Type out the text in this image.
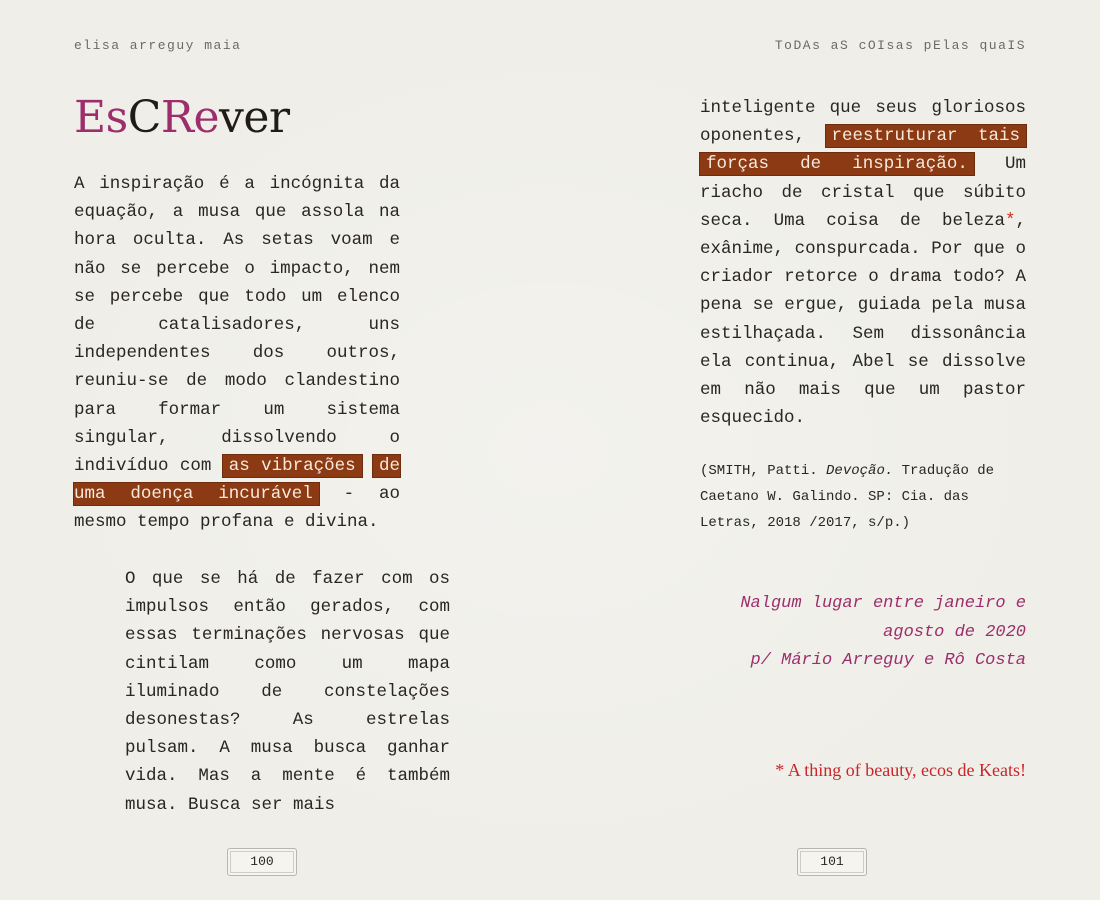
elisa arreguy maia	ToDAs aS cOIsas pElas quaIS
EsCRever

A inspiração é a incógnita da equação, a musa que assola na hora oculta. As setas voam e não se percebe o impacto, nem se percebe que todo um elenco de catalisadores, uns independentes dos outros, reuniu-se de modo clandestino para formar um sistema singular, dissolvendo o indivíduo com as vibrações de uma doença incurável - ao mesmo tempo profana e divina.

O que se há de fazer com os impulsos então gerados, com essas terminações nervosas que cintilam como um mapa iluminado de constelações desonestas? As estrelas pulsam. A musa busca ganhar vida. Mas a mente é também musa. Busca ser mais

100

inteligente que seus gloriosos oponentes, reestruturar tais forças de inspiração. Um riacho de cristal que súbito seca. Uma coisa de beleza*, exânime, conspurcada. Por que o criador retorce o drama todo? A pena se ergue, guiada pela musa estilhaçada. Sem dissonância ela continua, Abel se dissolve em não mais que um pastor esquecido.

(SMITH, Patti. Devoção. Tradução de Caetano W. Galindo. SP: Cia. das Letras, 2018 /2017, s/p.)

Nalgum lugar entre janeiro e
agosto de 2020
p/ Mário Arreguy e Rô Costa

* A thing of beauty, ecos de Keats!

101
